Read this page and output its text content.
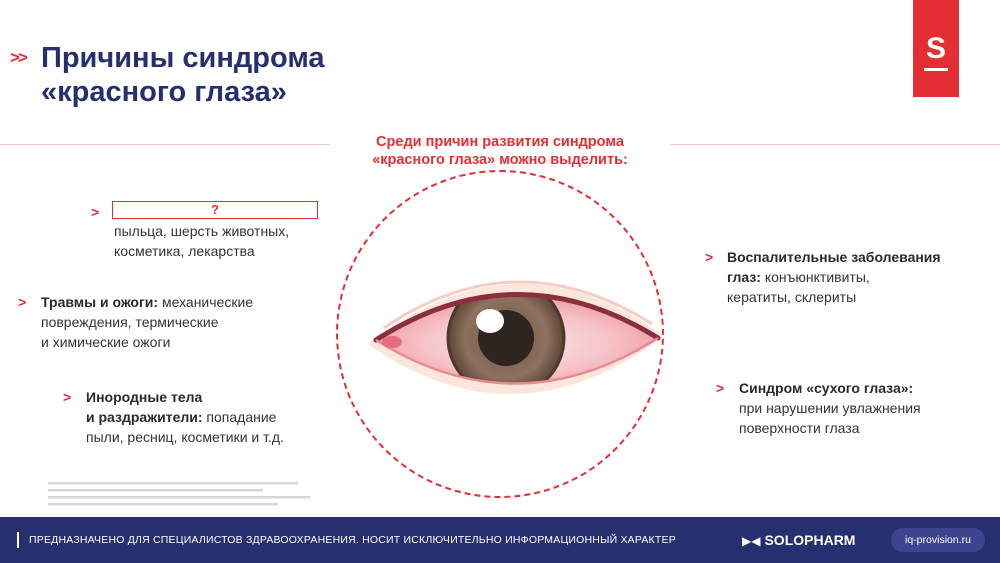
S
>> Причины синдрома
«красного глаза»
Среди причин развития синдрома
«красного глаза» можно выделить:
>	?
пыльца, шерсть животных,
косметика, лекарства
> Травмы и ожоги: механические
повреждения, термические
и химические ожоги
> Инородные тела
и раздражители: попадание
пыли, ресниц, косметики и т.д.
> Воспалительные заболевания
глаз: конъюнктивиты,
кератиты, склериты
> Синдром «сухого глаза»:
при нарушении увлажнения
поверхности глаза
ПРЕДНАЗНАЧЕНО ДЛЯ СПЕЦИАЛИСТОВ ЗДРАВООХРАНЕНИЯ. НОСИТ ИСКЛЮЧИТЕЛЬНО ИНФОРМАЦИОННЫЙ ХАРАКТЕР	▶◀ SOLOPHARM	iq-provision.ru
